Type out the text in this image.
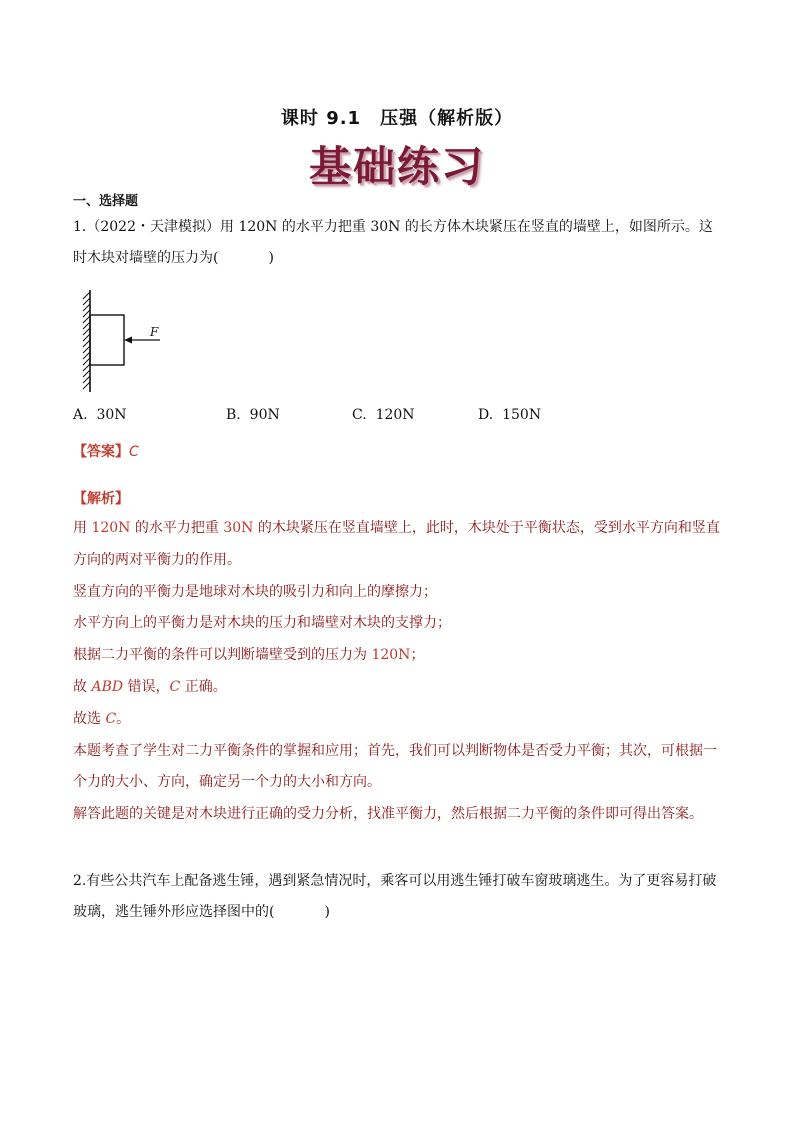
课时 9.1　压强（解析版）
基础练习
一、选择题
1.（2022・天津模拟）用 120N 的水平力把重 30N 的长方体木块紧压在竖直的墙壁上，如图所示。这时木块对墙壁的压力为(	)
F
A. 30N	B. 90N	C. 120N	D. 150N
【答案】C
【解析】

用 120N 的水平力把重 30N 的木块紧压在竖直墙壁上，此时，木块处于平衡状态，受到水平方向和竖直方向的两对平衡力的作用。

竖直方向的平衡力是地球对木块的吸引力和向上的摩擦力；

水平方向上的平衡力是对木块的压力和墙壁对木块的支撑力；

根据二力平衡的条件可以判断墙壁受到的压力为 120N；

故 ABD 错误，C 正确。

故选 C。

本题考查了学生对二力平衡条件的掌握和应用；首先，我们可以判断物体是否受力平衡；其次，可根据一个力的大小、方向，确定另一个力的大小和方向。

解答此题的关键是对木块进行正确的受力分析，找准平衡力，然后根据二力平衡的条件即可得出答案。

2.有些公共汽车上配备逃生锤，遇到紧急情况时，乘客可以用逃生锤打破车窗玻璃逃生。为了更容易打破玻璃，逃生锤外形应选择图中的(	)
